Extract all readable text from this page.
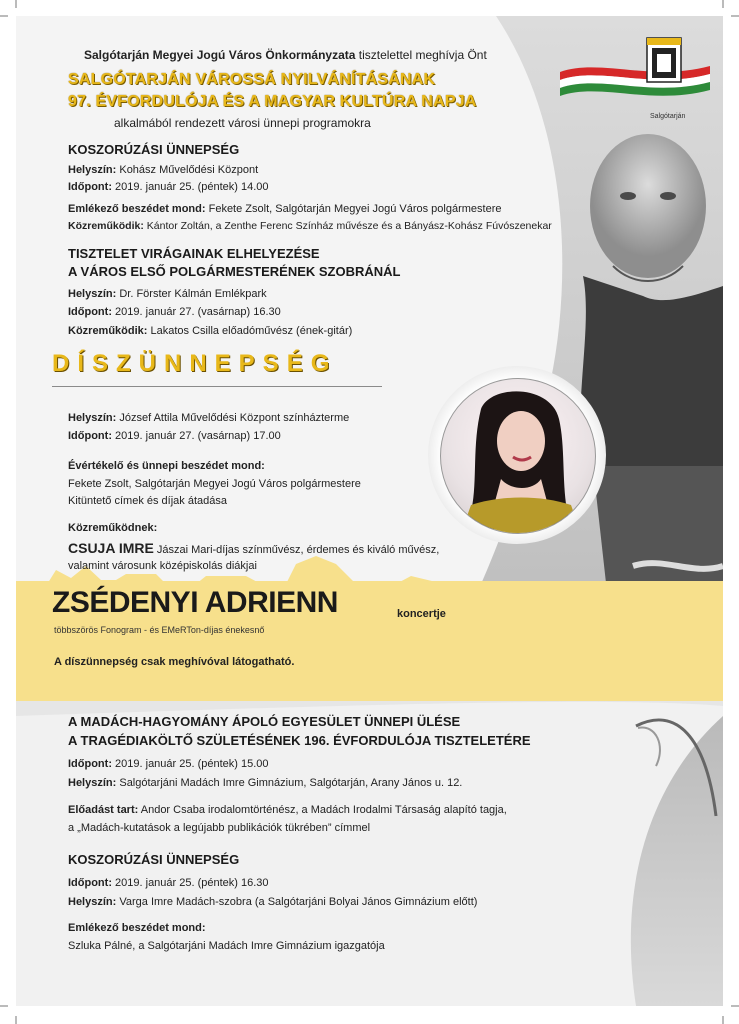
Salgótarján
Salgótarján Megyei Jogú Város Önkormányzata tisztelettel meghívja Önt
SALGÓTARJÁN VÁROSSÁ NYILVÁNÍTÁSÁNAK
97. ÉVFORDULÓJA ÉS A MAGYAR KULTÚRA NAPJA
alkalmából rendezett városi ünnepi programokra
KOSZORÚZÁSI ÜNNEPSÉG
Helyszín: Kohász Művelődési Központ
Időpont: 2019. január 25. (péntek) 14.00
Emlékező beszédet mond: Fekete Zsolt, Salgótarján Megyei Jogú Város polgármestere
Közreműködik: Kántor Zoltán, a Zenthe Ferenc Színház művésze és a Bányász-Kohász Fúvószenekar
TISZTELET VIRÁGAINAK ELHELYEZÉSE
A VÁROS ELSŐ POLGÁRMESTERÉNEK SZOBRÁNÁL
Helyszín: Dr. Förster Kálmán Emlékpark
Időpont: 2019. január 27. (vasárnap) 16.30
Közreműködik: Lakatos Csilla előadóművész (ének-gitár)
DÍSZÜNNEPSÉG
Helyszín: József Attila Művelődési Központ színházterme
Időpont: 2019. január 27. (vasárnap) 17.00
Évértékelő és ünnepi beszédet mond:
Fekete Zsolt, Salgótarján Megyei Jogú Város polgármestere
Kitüntető címek és díjak átadása
Közreműködnek:
CSUJA IMRE Jászai Mari-díjas színművész, érdemes és kiváló művész,
valamint városunk középiskolás diákjai
ZSÉDENYI ADRIENN	koncertje
többszörös Fonogram - és EMeRTon-díjas énekesnő
A díszünnepség csak meghívóval látogatható.
A MADÁCH-HAGYOMÁNY ÁPOLÓ EGYESÜLET ÜNNEPI ÜLÉSE
A TRAGÉDIAKÖLTŐ SZÜLETÉSÉNEK 196. ÉVFORDULÓJA TISZTELETÉRE
Időpont: 2019. január 25. (péntek) 15.00
Helyszín: Salgótarjáni Madách Imre Gimnázium, Salgótarján, Arany János u. 12.
Előadást tart: Andor Csaba irodalomtörténész, a Madách Irodalmi Társaság alapító tagja,
a „Madách-kutatások a legújabb publikációk tükrében” címmel
KOSZORÚZÁSI ÜNNEPSÉG
Időpont: 2019. január 25. (péntek) 16.30
Helyszín: Varga Imre Madách-szobra (a Salgótarjáni Bolyai János Gimnázium előtt)
Emlékező beszédet mond:
Szluka Pálné, a Salgótarjáni Madách Imre Gimnázium igazgatója
